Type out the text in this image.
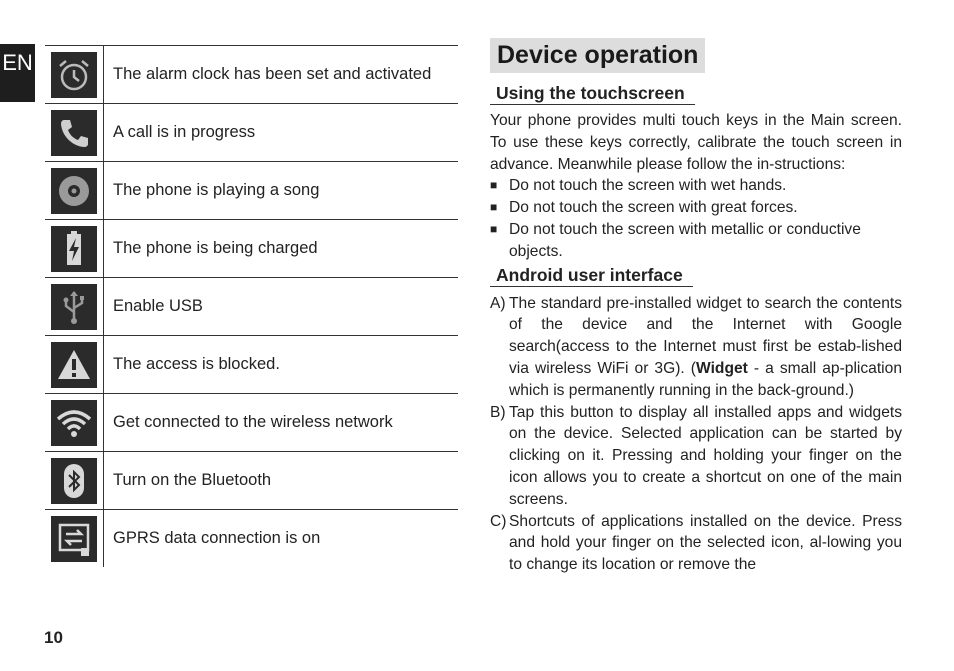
EN	The alarm clock has been set and activated
A call is in progress
The phone is playing a song
The phone is being charged
Enable USB
The access is blocked.
Get connected to the wireless network
Turn on the Bluetooth
GPRS data connection is on
10
Device operation
Using the touchscreen

Your phone provides multi touch keys in the Main screen. To use these keys correctly, calibrate the touch screen in advance. Meanwhile please follow the in-structions:

■ Do not touch the screen with wet hands.
■ Do not touch the screen with great forces.
■ Do not touch the screen with metallic or conductive objects.
Android user interface
A) The standard pre-installed widget to search the contents of the device and the Internet with Google search(access to the Internet must first be estab-lished via wireless WiFi or 3G). (Widget - a small ap-plication which is permanently running in the back-ground.)
B) Tap this button to display all installed apps and widgets on the device. Selected application can be started by clicking on it. Pressing and holding your finger on the icon allows you to create a shortcut on one of the main screens.
C) Shortcuts of applications installed on the device. Press and hold your finger on the selected icon, al-lowing you to change its location or remove the
